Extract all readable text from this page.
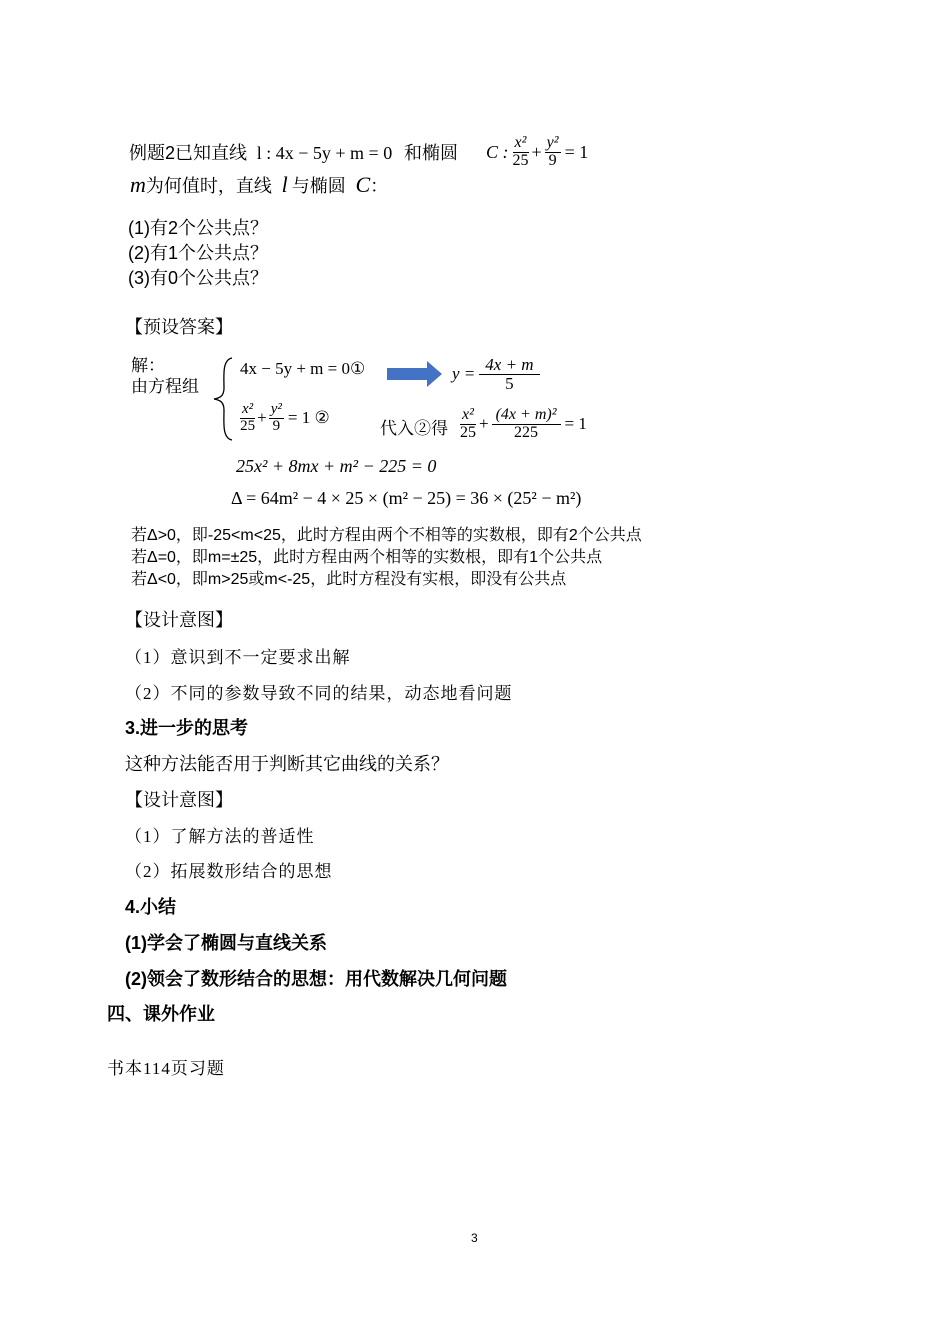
例题2已知直线 l : 4x − 5y + m = 0 和椭圆 C : $\frac{\text{x²}}{25} + \frac{\text{y²}}{9} = 1$
m为何值时，直线 l 与椭圆 C：
(1)有2个公共点？
(2)有1个公共点？
(3)有0个公共点？
【预设答案】
解：
由方程组
4x − 5y + m = 0①
$\frac{\text{x²}}{25} + \frac{\text{y²}}{9} = 1$ ②
$y = \frac{4x + m}{5}$
代入②得 $\frac{\text{x²}}{25} + \frac{\text{(4x + m)²}}{225} = 1$
25x² + 8mx + m² − 225 = 0
Δ = 64m² − 4 × 25 × (m² − 25) = 36 × (25² − m²)
若Δ>0，即-25<m<25，此时方程由两个不相等的实数根，即有2个公共点
若Δ=0，即m=±25，此时方程由两个相等的实数根，即有1个公共点
若Δ<0，即m>25或m<-25，此时方程没有实根，即没有公共点
【设计意图】
（1）意识到不一定要求出解
（2）不同的参数导致不同的结果，动态地看问题
3.进一步的思考
这种方法能否用于判断其它曲线的关系？
【设计意图】
（1）了解方法的普适性
（2）拓展数形结合的思想
4.小结
(1)学会了椭圆与直线关系
(2)领会了数形结合的思想：用代数解决几何问题
四、课外作业
书本114页习题
3
